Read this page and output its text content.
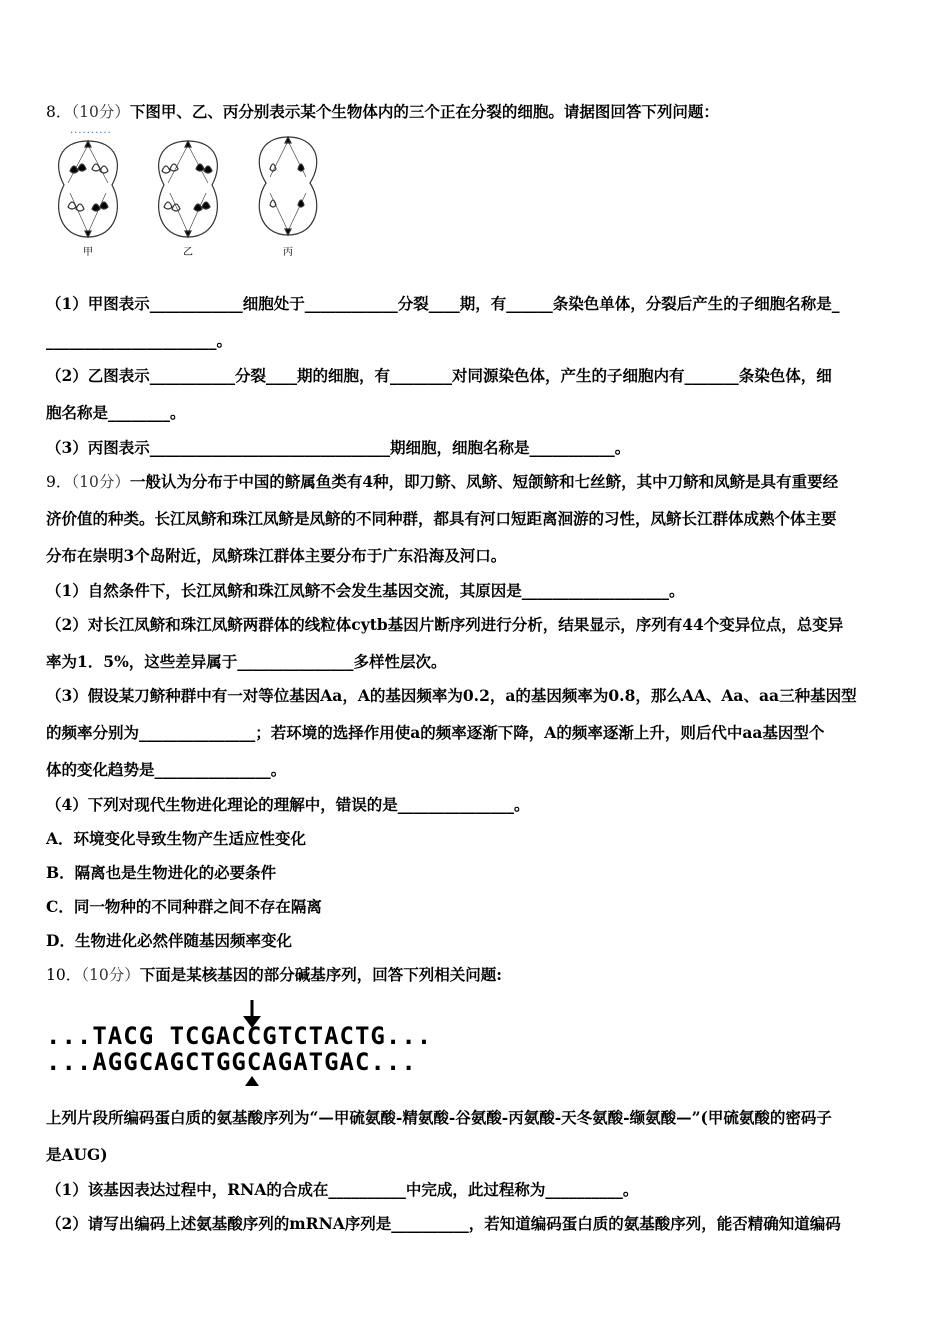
8．（10分）下图甲、乙、丙分别表示某个生物体内的三个正在分裂的细胞。请据图回答下列问题：
··········
甲	乙	丙
（1）甲图表示____________细胞处于____________分裂____期，有______条染色单体，分裂后产生的子细胞名称是_
______________________。
（2）乙图表示___________分裂____期的细胞，有________对同源染色体，产生的子细胞内有_______条染色体，细
胞名称是________。
（3）丙图表示_______________________________期细胞，细胞名称是___________。
9．（10分）一般认为分布于中国的鲚属鱼类有4种，即刀鲚、凤鲚、短颌鲚和七丝鲚，其中刀鲚和凤鲚是具有重要经
济价值的种类。长江凤鲚和珠江凤鲚是凤鲚的不同种群，都具有河口短距离洄游的习性，凤鲚长江群体成熟个体主要
分布在崇明3个岛附近，凤鲚珠江群体主要分布于广东沿海及河口。
（1）自然条件下，长江凤鲚和珠江凤鲚不会发生基因交流，其原因是___________________。
（2）对长江凤鲚和珠江凤鲚两群体的线粒体cytb基因片断序列进行分析，结果显示，序列有44个变异位点，总变异
率为1．5%，这些差异属于_______________多样性层次。
（3）假设某刀鲚种群中有一对等位基因Aa，A的基因频率为0.2，a的基因频率为0.8，那么AA、Aa、aa三种基因型
的频率分别为_______________；若环境的选择作用使a的频率逐渐下降，A的频率逐渐上升，则后代中aa基因型个
体的变化趋势是_______________。
（4）下列对现代生物进化理论的理解中，错误的是_______________。
A．环境变化导致生物产生适应性变化
B．隔离也是生物进化的必要条件
C．同一物种的不同种群之间不存在隔离
D．生物进化必然伴随基因频率变化
10．（10分）下面是某核基因的部分碱基序列，回答下列相关问题:
...TACG TCGACCGTCTACTG...
...AGGCAGCTGGCAGATGAC...
上列片段所编码蛋白质的氨基酸序列为“—甲硫氨酸-精氨酸-谷氨酸-丙氨酸-天冬氨酸-缬氨酸—”(甲硫氨酸的密码子
是AUG)
（1）该基因表达过程中，RNA的合成在__________中完成，此过程称为__________。
（2）请写出编码上述氨基酸序列的mRNA序列是__________，若知道编码蛋白质的氨基酸序列，能否精确知道编码
